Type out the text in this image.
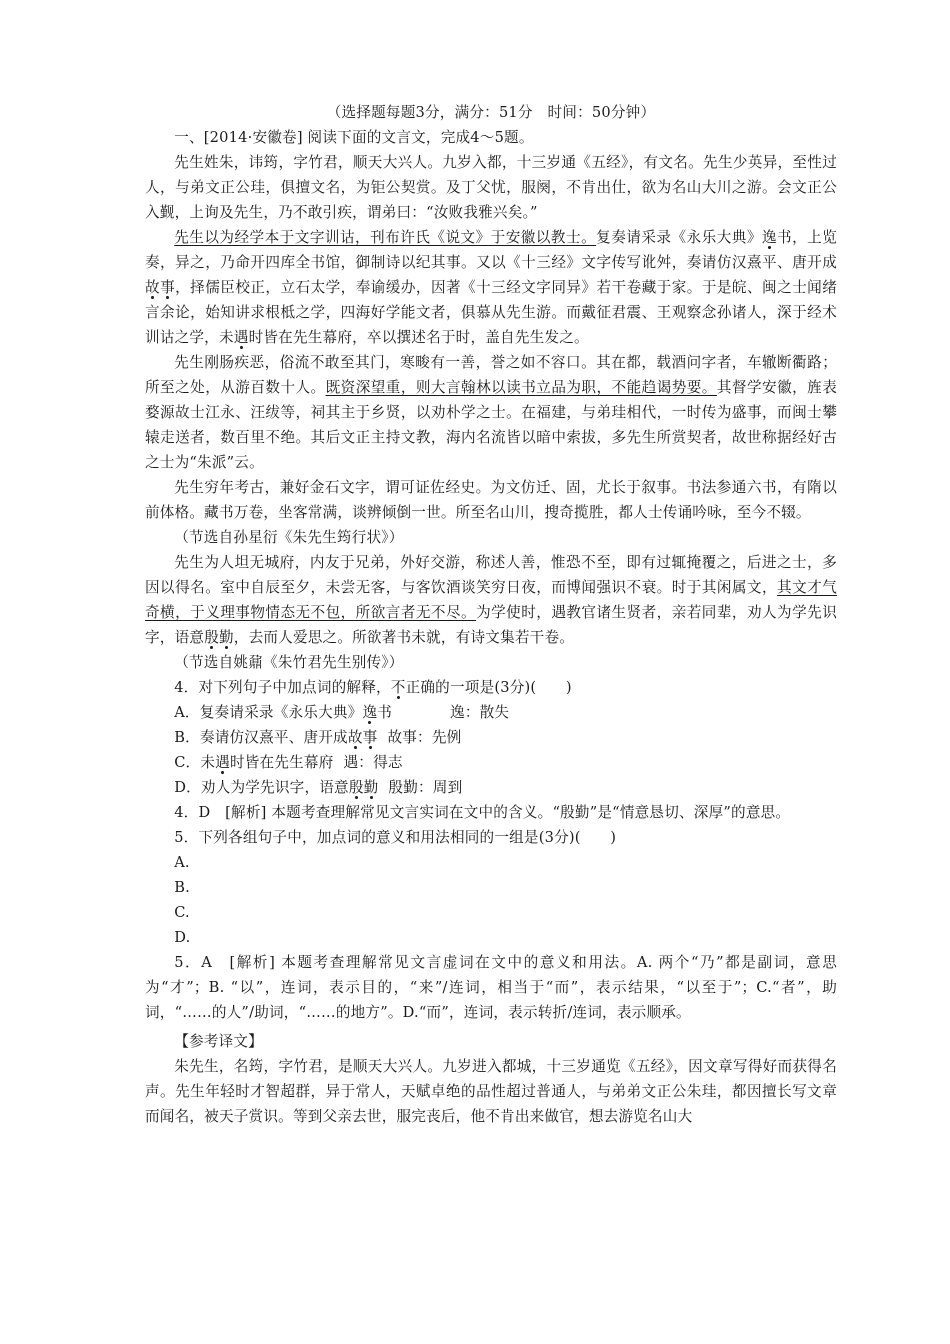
（选择题每题3分，满分：51分　时间：50分钟）

一、[2014·安徽卷] 阅读下面的文言文，完成4～5题。

先生姓朱，讳筠，字竹君，顺天大兴人。九岁入都，十三岁通《五经》，有文名。先生少英异，至性过人，与弟文正公珪，俱擅文名，为钜公契赏。及丁父忧，服阕，不肯出仕，欲为名山大川之游。会文正公入觐，上询及先生，乃不敢引疾，谓弟曰：“汝败我雅兴矣。”

先生以为经学本于文字训诂，刊布许氏《说文》于安徽以教士。复奏请采录《永乐大典》逸书，上览奏，异之，乃命开四库全书馆，御制诗以纪其事。又以《十三经》文字传写讹舛，奏请仿汉熹平、唐开成故事，择儒臣校正，立石太学，奉谕缓办，因著《十三经文字同异》若干卷藏于家。于是皖、闽之士闻绪言余论，始知讲求根柢之学，四海好学能文者，俱慕从先生游。而戴征君震、王观察念孙诸人，深于经术训诂之学，未遇时皆在先生幕府，卒以撰述名于时，盖自先生发之。

先生刚肠疾恶，俗流不敢至其门，寒畯有一善，誉之如不容口。其在都，载酒问字者，车辙断衢路；所至之处，从游百数十人。既资深望重，则大言翰林以读书立品为职，不能趋谒势要。其督学安徽，旌表婺源故士江永、汪绂等，祠其主于乡贤，以劝朴学之士。在福建，与弟珪相代，一时传为盛事，而闽士攀辕走送者，数百里不绝。其后文正主持文教，海内名流皆以暗中索拔，多先生所赏契者，故世称据经好古之士为“朱派”云。

先生穷年考古，兼好金石文字，谓可证佐经史。为文仿迁、固，尤长于叙事。书法参通六书，有隋以前体格。藏书万卷，坐客常满，谈辨倾倒一世。所至名山川，搜奇揽胜，都人士传诵吟咏，至今不辍。

（节选自孙星衍《朱先生筠行状》）

先生为人坦无城府，内友于兄弟，外好交游，称述人善，惟恐不至，即有过辄掩覆之，后进之士，多因以得名。室中自辰至夕，未尝无客，与客饮酒谈笑穷日夜，而博闻强识不衰。时于其闲属文，其文才气奇横，于义理事物情态无不包，所欲言者无不尽。为学使时，遇教官诸生贤者，亲若同辈，劝人为学先识字，语意殷勤，去而人爱思之。所欲著书未就，有诗文集若干卷。

（节选自姚鼐《朱竹君先生别传》）

4．对下列句子中加点词的解释，不正确的一项是(3分)(　　)

A．复奏请采录《永乐大典》逸书	逸：散失

B．奏请仿汉熹平、唐开成故事 故事：先例

C．未遇时皆在先生幕府 遇：得志

D．劝人为学先识字，语意殷勤 殷勤：周到

4．D　[解析] 本题考查理解常见文言实词在文中的含义。“殷勤”是“情意恳切、深厚”的意思。

5．下列各组句子中，加点词的意义和用法相同的一组是(3分)(　　)

A.

B.

C.

D.

5．A　[解析] 本题考查理解常见文言虚词在文中的意义和用法。A. 两个“乃”都是副词，意思为“才”；B. “以”，连词，表示目的，“来”/连词，相当于“而”，表示结果，“以至于”；C.“者”，助词，“……的人”/助词，“……的地方”。D.“而”，连词，表示转折/连词，表示顺承。

【参考译文】

朱先生，名筠，字竹君，是顺天大兴人。九岁进入都城，十三岁通览《五经》，因文章写得好而获得名声。先生年轻时才智超群，异于常人，天赋卓绝的品性超过普通人，与弟弟文正公朱珪，都因擅长写文章而闻名，被天子赏识。等到父亲去世，服完丧后，他不肯出来做官，想去游览名山大
